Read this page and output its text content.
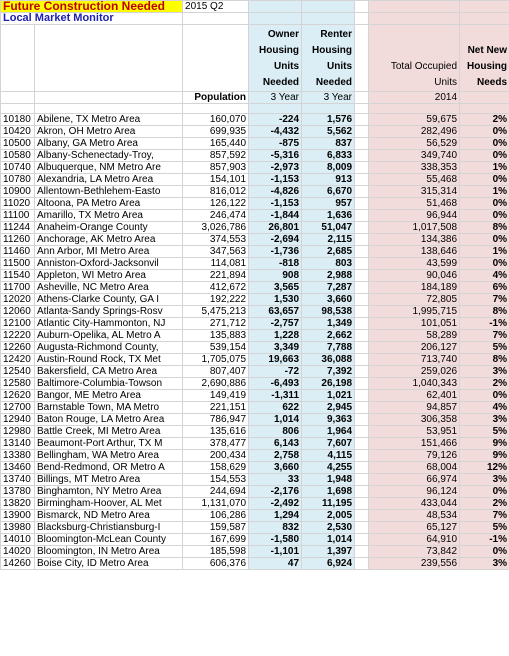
Future Construction Needed		2015 Q2					
Local Market Monitor							
			Owner Housing Units Needed	Renter Housing Units Needed		Total Occupied Units	Net New Housing Needs
		Population	3 Year	3 Year		2014	

10180	Abilene, TX Metro Area	160,070	-224	1,576		59,675	2%
10420	Akron, OH Metro Area	699,935	-4,432	5,562		282,496	0%
10500	Albany, GA Metro Area	165,440	-875	837		56,529	0%
10580	Albany-Schenectady-Troy,	857,592	-5,316	6,833		349,740	0%
10740	Albuquerque, NM Metro Are	857,903	-2,973	8,009		338,353	1%
10780	Alexandria, LA Metro Area	154,101	-1,153	913		55,468	0%
10900	Allentown-Bethlehem-Easto	816,012	-4,826	6,670		315,314	1%
11020	Altoona, PA Metro Area	126,122	-1,153	957		51,468	0%
11100	Amarillo, TX Metro Area	246,474	-1,844	1,636		96,944	0%
11244	Anaheim-Orange County	3,026,786	26,801	51,047		1,017,508	8%
11260	Anchorage, AK Metro Area	374,553	-2,694	2,115		134,386	0%
11460	Ann Arbor, MI Metro Area	347,563	-1,736	2,685		138,646	1%
11500	Anniston-Oxford-Jacksonvil	114,081	-818	803		43,599	0%
11540	Appleton, WI Metro Area	221,894	908	2,988		90,046	4%
11700	Asheville, NC Metro Area	412,672	3,565	7,287		184,189	6%
12020	Athens-Clarke County, GA I	192,222	1,530	3,660		72,805	7%
12060	Atlanta-Sandy Springs-Rosv	5,475,213	63,657	98,538		1,995,715	8%
12100	Atlantic City-Hammonton, NJ	271,712	-2,757	1,349		101,051	-1%
12220	Auburn-Opelika, AL Metro A	135,883	1,228	2,662		58,289	7%
12260	Augusta-Richmond County,	539,154	3,349	7,788		206,127	5%
12420	Austin-Round Rock, TX Met	1,705,075	19,663	36,088		713,740	8%
12540	Bakersfield, CA Metro Area	807,407	-72	7,392		259,026	3%
12580	Baltimore-Columbia-Towson	2,690,886	-6,493	26,198		1,040,343	2%
12620	Bangor, ME Metro Area	149,419	-1,311	1,021		62,401	0%
12700	Barnstable Town, MA Metro	221,151	622	2,945		94,857	4%
12940	Baton Rouge, LA Metro Area	786,947	1,014	9,363		306,358	3%
12980	Battle Creek, MI Metro Area	135,616	806	1,964		53,951	5%
13140	Beaumont-Port Arthur, TX M	378,477	6,143	7,607		151,466	9%
13380	Bellingham, WA Metro Area	200,434	2,758	4,115		79,126	9%
13460	Bend-Redmond, OR Metro A	158,629	3,660	4,255		68,004	12%
13740	Billings, MT Metro Area	154,553	33	1,948		66,974	3%
13780	Binghamton, NY Metro Area	244,694	-2,176	1,698		96,124	0%
13820	Birmingham-Hoover, AL Met	1,131,070	-2,492	11,195		433,044	2%
13900	Bismarck, ND Metro Area	106,286	1,294	2,005		48,534	7%
13980	Blacksburg-Christiansburg-I	159,587	832	2,530		65,127	5%
14010	Bloomington-McLean County	167,699	-1,580	1,014		64,910	-1%
14020	Bloomington, IN Metro Area	185,598	-1,101	1,397		73,842	0%
14260	Boise City, ID Metro Area	606,376	47	6,924		239,556	3%
